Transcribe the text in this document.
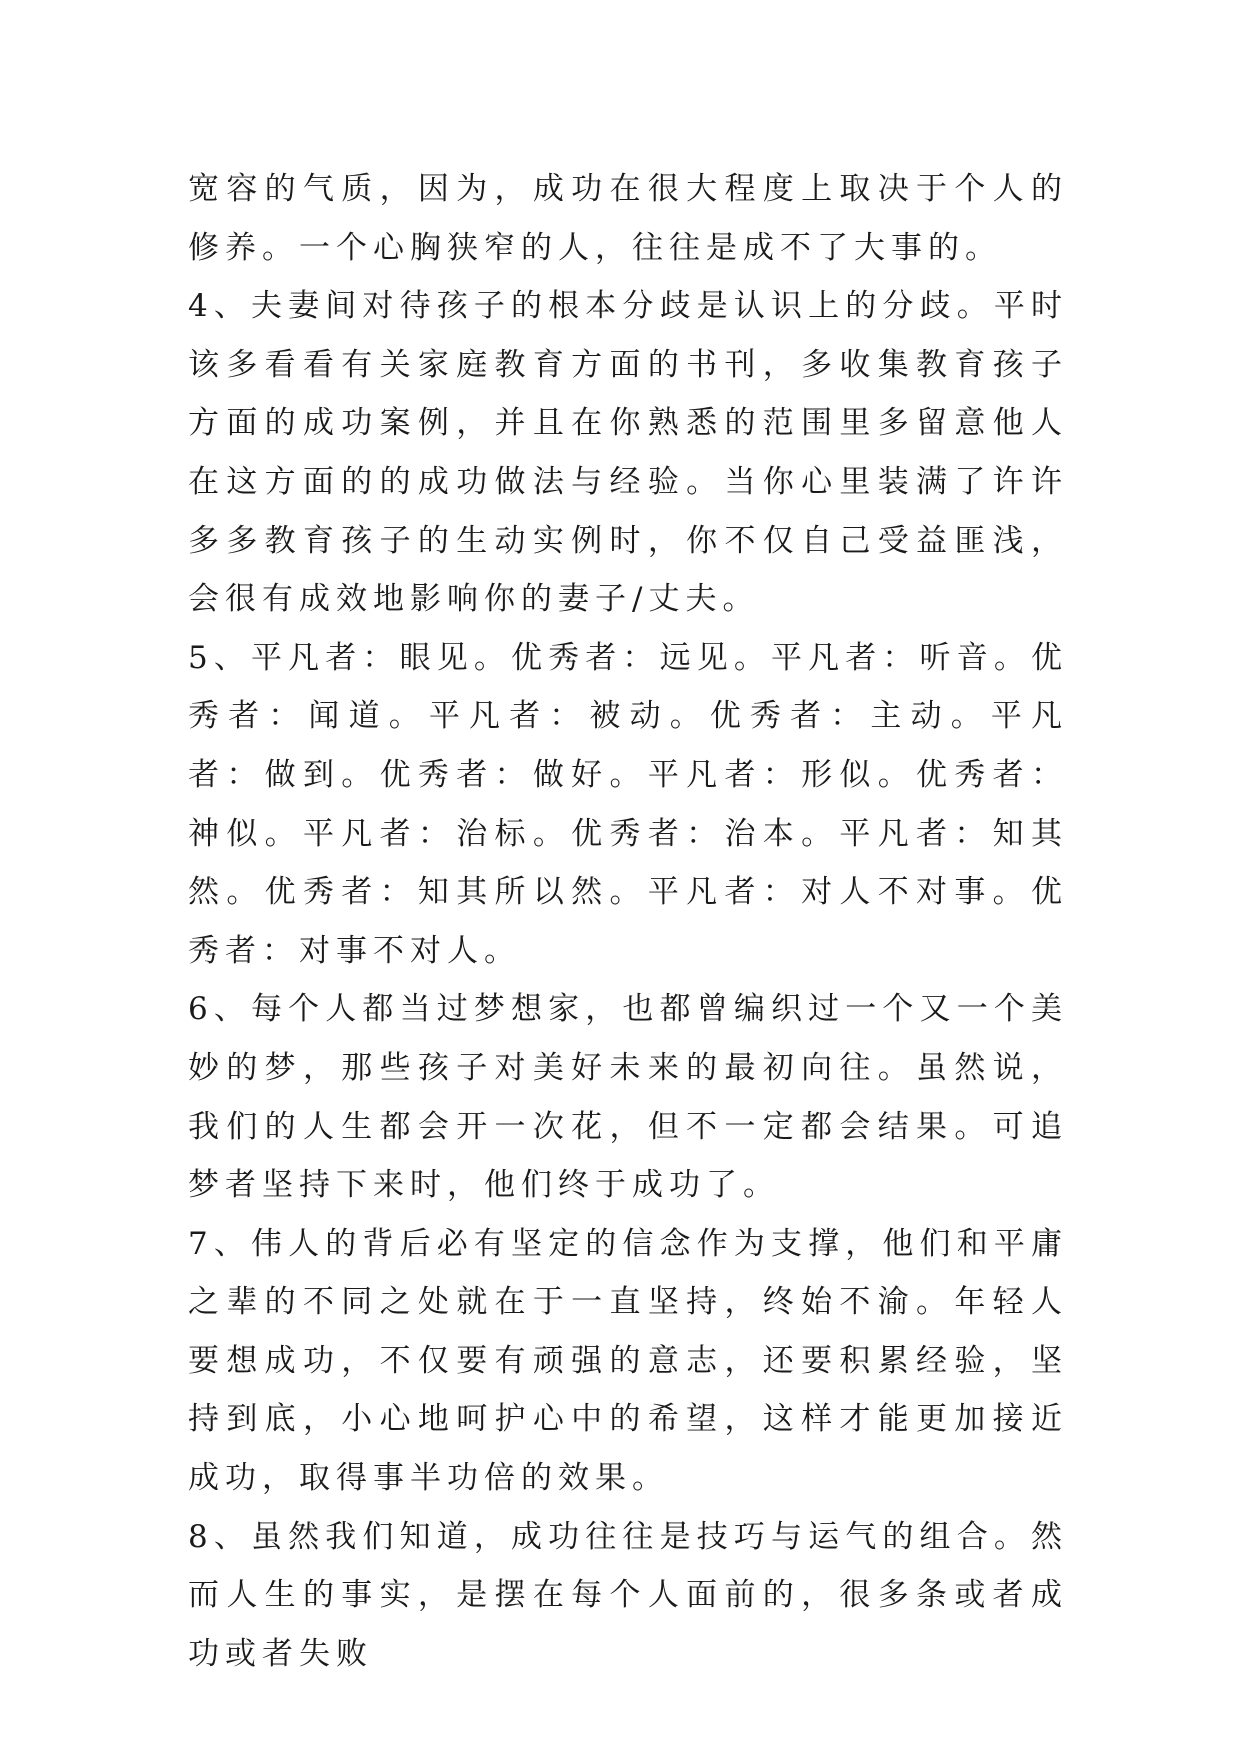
宽容的气质，因为，成功在很大程度上取决于个人的修养。一个心胸狭窄的人，往往是成不了大事的。

4、夫妻间对待孩子的根本分歧是认识上的分歧。平时该多看看有关家庭教育方面的书刊，多收集教育孩子方面的成功案例，并且在你熟悉的范围里多留意他人在这方面的的成功做法与经验。当你心里装满了许许多多教育孩子的生动实例时，你不仅自己受益匪浅，会很有成效地影响你的妻子/丈夫。

5、平凡者：眼见。优秀者：远见。平凡者：听音。优秀者：闻道。平凡者：被动。优秀者：主动。平凡者：做到。优秀者：做好。平凡者：形似。优秀者：神似。平凡者：治标。优秀者：治本。平凡者：知其然。优秀者：知其所以然。平凡者：对人不对事。优秀者：对事不对人。

6、每个人都当过梦想家，也都曾编织过一个又一个美妙的梦，那些孩子对美好未来的最初向往。虽然说，我们的人生都会开一次花，但不一定都会结果。可追梦者坚持下来时，他们终于成功了。

7、伟人的背后必有坚定的信念作为支撑，他们和平庸之辈的不同之处就在于一直坚持，终始不渝。年轻人要想成功，不仅要有顽强的意志，还要积累经验，坚持到底，小心地呵护心中的希望，这样才能更加接近成功，取得事半功倍的效果。

8、虽然我们知道，成功往往是技巧与运气的组合。然而人生的事实，是摆在每个人面前的，很多条或者成功或者失败
